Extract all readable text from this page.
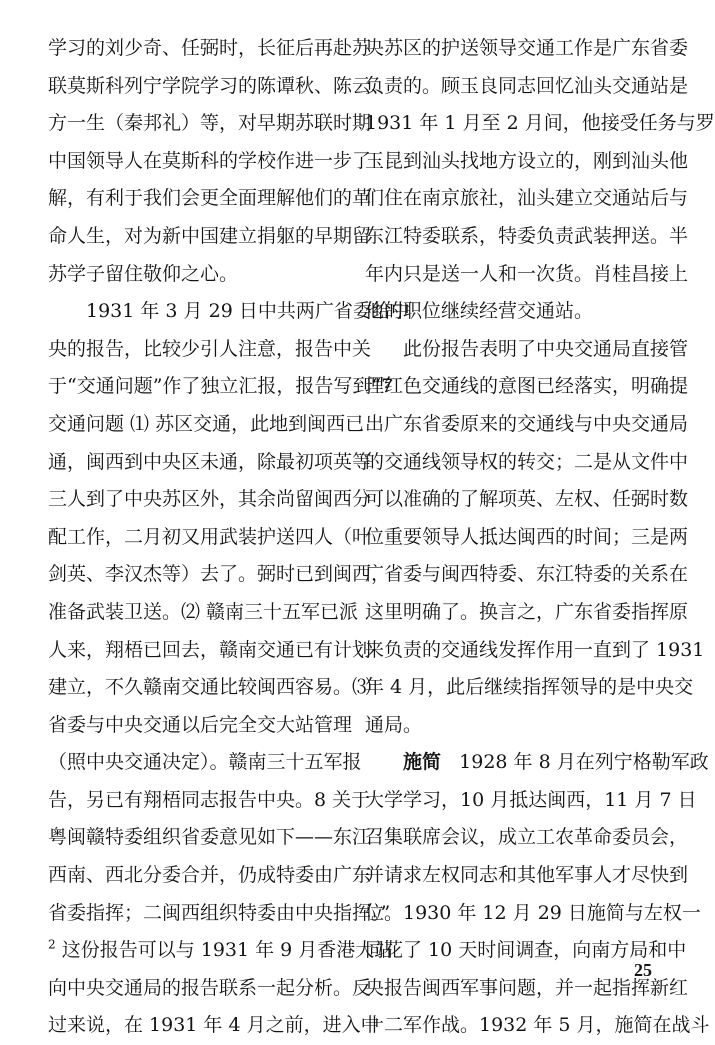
学习的刘少奇、任弼时，长征后再赴苏
联莫斯科列宁学院学习的陈谭秋、陈云、
方一生（秦邦礼）等，对早期苏联时期
中国领导人在莫斯科的学校作进一步了
解，有利于我们会更全面理解他们的革
命人生，对为新中国建立捐躯的早期留
苏学子留住敬仰之心。
1931 年 3 月 29 日中共两广省委给中
央的报告，比较少引人注意，报告中关
于“交通问题”作了独立汇报，报告写到“7
交通问题 ⑴ 苏区交通，此地到闽西已
通，闽西到中央区未通，除最初项英等
三人到了中央苏区外，其余尚留闽西分
配工作，二月初又用武装护送四人（叶
剑英、李汉杰等）去了。弼时已到闽西，
准备武装卫送。⑵ 赣南三十五军已派
人来，翔梧已回去，赣南交通已有计划
建立，不久赣南交通比较闽西容易。⑶
省委与中央交通以后完全交大站管理
（照中央交通决定）。赣南三十五军报
告，另已有翔梧同志报告中央。8 关于
粤闽赣特委组织省委意见如下——东江
西南、西北分委合并，仍成特委由广东
省委指挥；二闽西组织特委由中央指挥。”
$^2$ 这份报告可以与 1931 年 9 月香港大站
向中央交通局的报告联系一起分析。反
过来说，在 1931 年 4 月之前，进入中
央苏区的护送领导交通工作是广东省委
负责的。顾玉良同志回忆汕头交通站是
1931 年 1 月至 2 月间，他接受任务与罗
玉昆到汕头找地方设立的，刚到汕头他
们住在南京旅社，汕头建立交通站后与
东江特委联系，特委负责武装押送。半
年内只是送一人和一次货。肖桂昌接上
他的职位继续经营交通站。
此份报告表明了中央交通局直接管
理红色交通线的意图已经落实，明确提
出广东省委原来的交通线与中央交通局
的交通线领导权的转交；二是从文件中
可以准确的了解项英、左权、任弼时数
位重要领导人抵达闽西的时间；三是两
广省委与闽西特委、东江特委的关系在
这里明确了。换言之，广东省委指挥原
来负责的交通线发挥作用一直到了 1931
年 4 月，此后继续指挥领导的是中央交
通局。
施简 1928 年 8 月在列宁格勒军政
大学学习，10 月抵达闽西，11 月 7 日
召集联席会议，成立工农革命委员会，
并请求左权同志和其他军事人才尽快到
位。1930 年 12 月 29 日施简与左权一
同花了 10 天时间调查，向南方局和中
央报告闽西军事问题，并一起指挥新红
十二军作战。1932 年 5 月，施简在战斗
25
